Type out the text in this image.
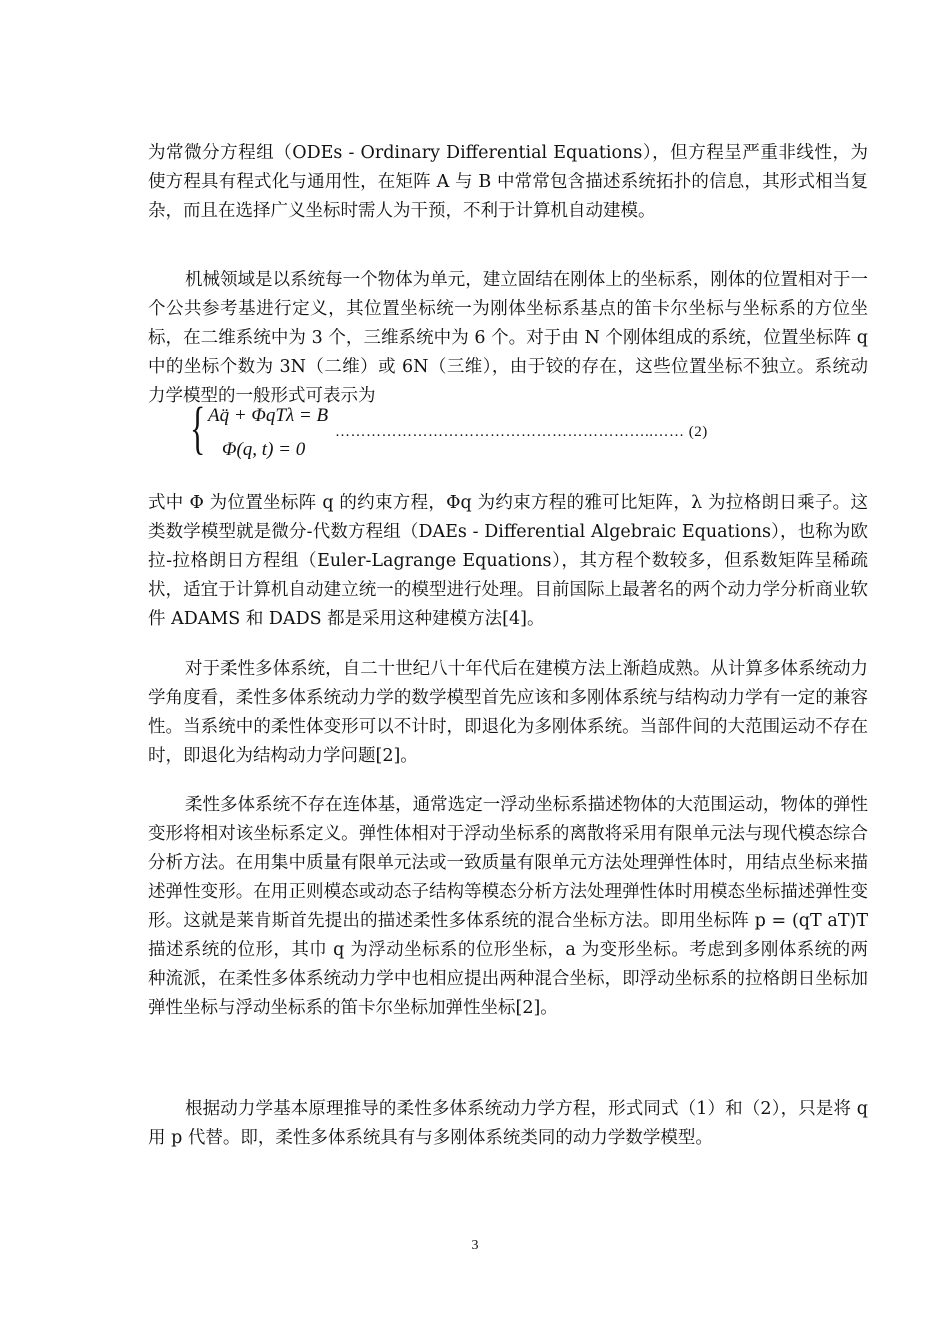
为常微分方程组（ODEs - Ordinary Differential Equations），但方程呈严重非线性，为使方程具有程式化与通用性，在矩阵 A 与 B 中常常包含描述系统拓扑的信息，其形式相当复杂，而且在选择广义坐标时需人为干预，不利于计算机自动建模。

机械领域是以系统每一个物体为单元，建立固结在刚体上的坐标系，刚体的位置相对于一个公共参考基进行定义，其位置坐标统一为刚体坐标系基点的笛卡尔坐标与坐标系的方位坐标，在二维系统中为 3 个，三维系统中为 6 个。对于由 N 个刚体组成的系统，位置坐标阵 q 中的坐标个数为 3N（二维）或 6N（三维），由于铰的存在，这些位置坐标不独立。系统动力学模型的一般形式可表示为

{ Aq̈ + ΦqTλ = B
Φ(q, t) = 0
……………………………………………………..…… (2)

式中 Φ 为位置坐标阵 q 的约束方程，Φq 为约束方程的雅可比矩阵，λ 为拉格朗日乘子。这类数学模型就是微分-代数方程组（DAEs - Differential Algebraic Equations），也称为欧拉-拉格朗日方程组（Euler-Lagrange Equations），其方程个数较多，但系数矩阵呈稀疏状，适宜于计算机自动建立统一的模型进行处理。目前国际上最著名的两个动力学分析商业软件 ADAMS 和 DADS 都是采用这种建模方法[4]。

对于柔性多体系统，自二十世纪八十年代后在建模方法上渐趋成熟。从计算多体系统动力学角度看，柔性多体系统动力学的数学模型首先应该和多刚体系统与结构动力学有一定的兼容性。当系统中的柔性体变形可以不计时，即退化为多刚体系统。当部件间的大范围运动不存在时，即退化为结构动力学问题[2]。

柔性多体系统不存在连体基，通常选定一浮动坐标系描述物体的大范围运动，物体的弹性变形将相对该坐标系定义。弹性体相对于浮动坐标系的离散将采用有限单元法与现代模态综合分析方法。在用集中质量有限单元法或一致质量有限单元方法处理弹性体时，用结点坐标来描述弹性变形。在用正则模态或动态子结构等模态分析方法处理弹性体时用模态坐标描述弹性变形。这就是莱肯斯首先提出的描述柔性多体系统的混合坐标方法。即用坐标阵 p = (qT aT)T 描述系统的位形，其巾 q 为浮动坐标系的位形坐标，a 为变形坐标。考虑到多刚体系统的两种流派，在柔性多体系统动力学中也相应提出两种混合坐标，即浮动坐标系的拉格朗日坐标加弹性坐标与浮动坐标系的笛卡尔坐标加弹性坐标[2]。

根据动力学基本原理推导的柔性多体系统动力学方程，形式同式（1）和（2），只是将 q 用 p 代替。即，柔性多体系统具有与多刚体系统类同的动力学数学模型。

3
